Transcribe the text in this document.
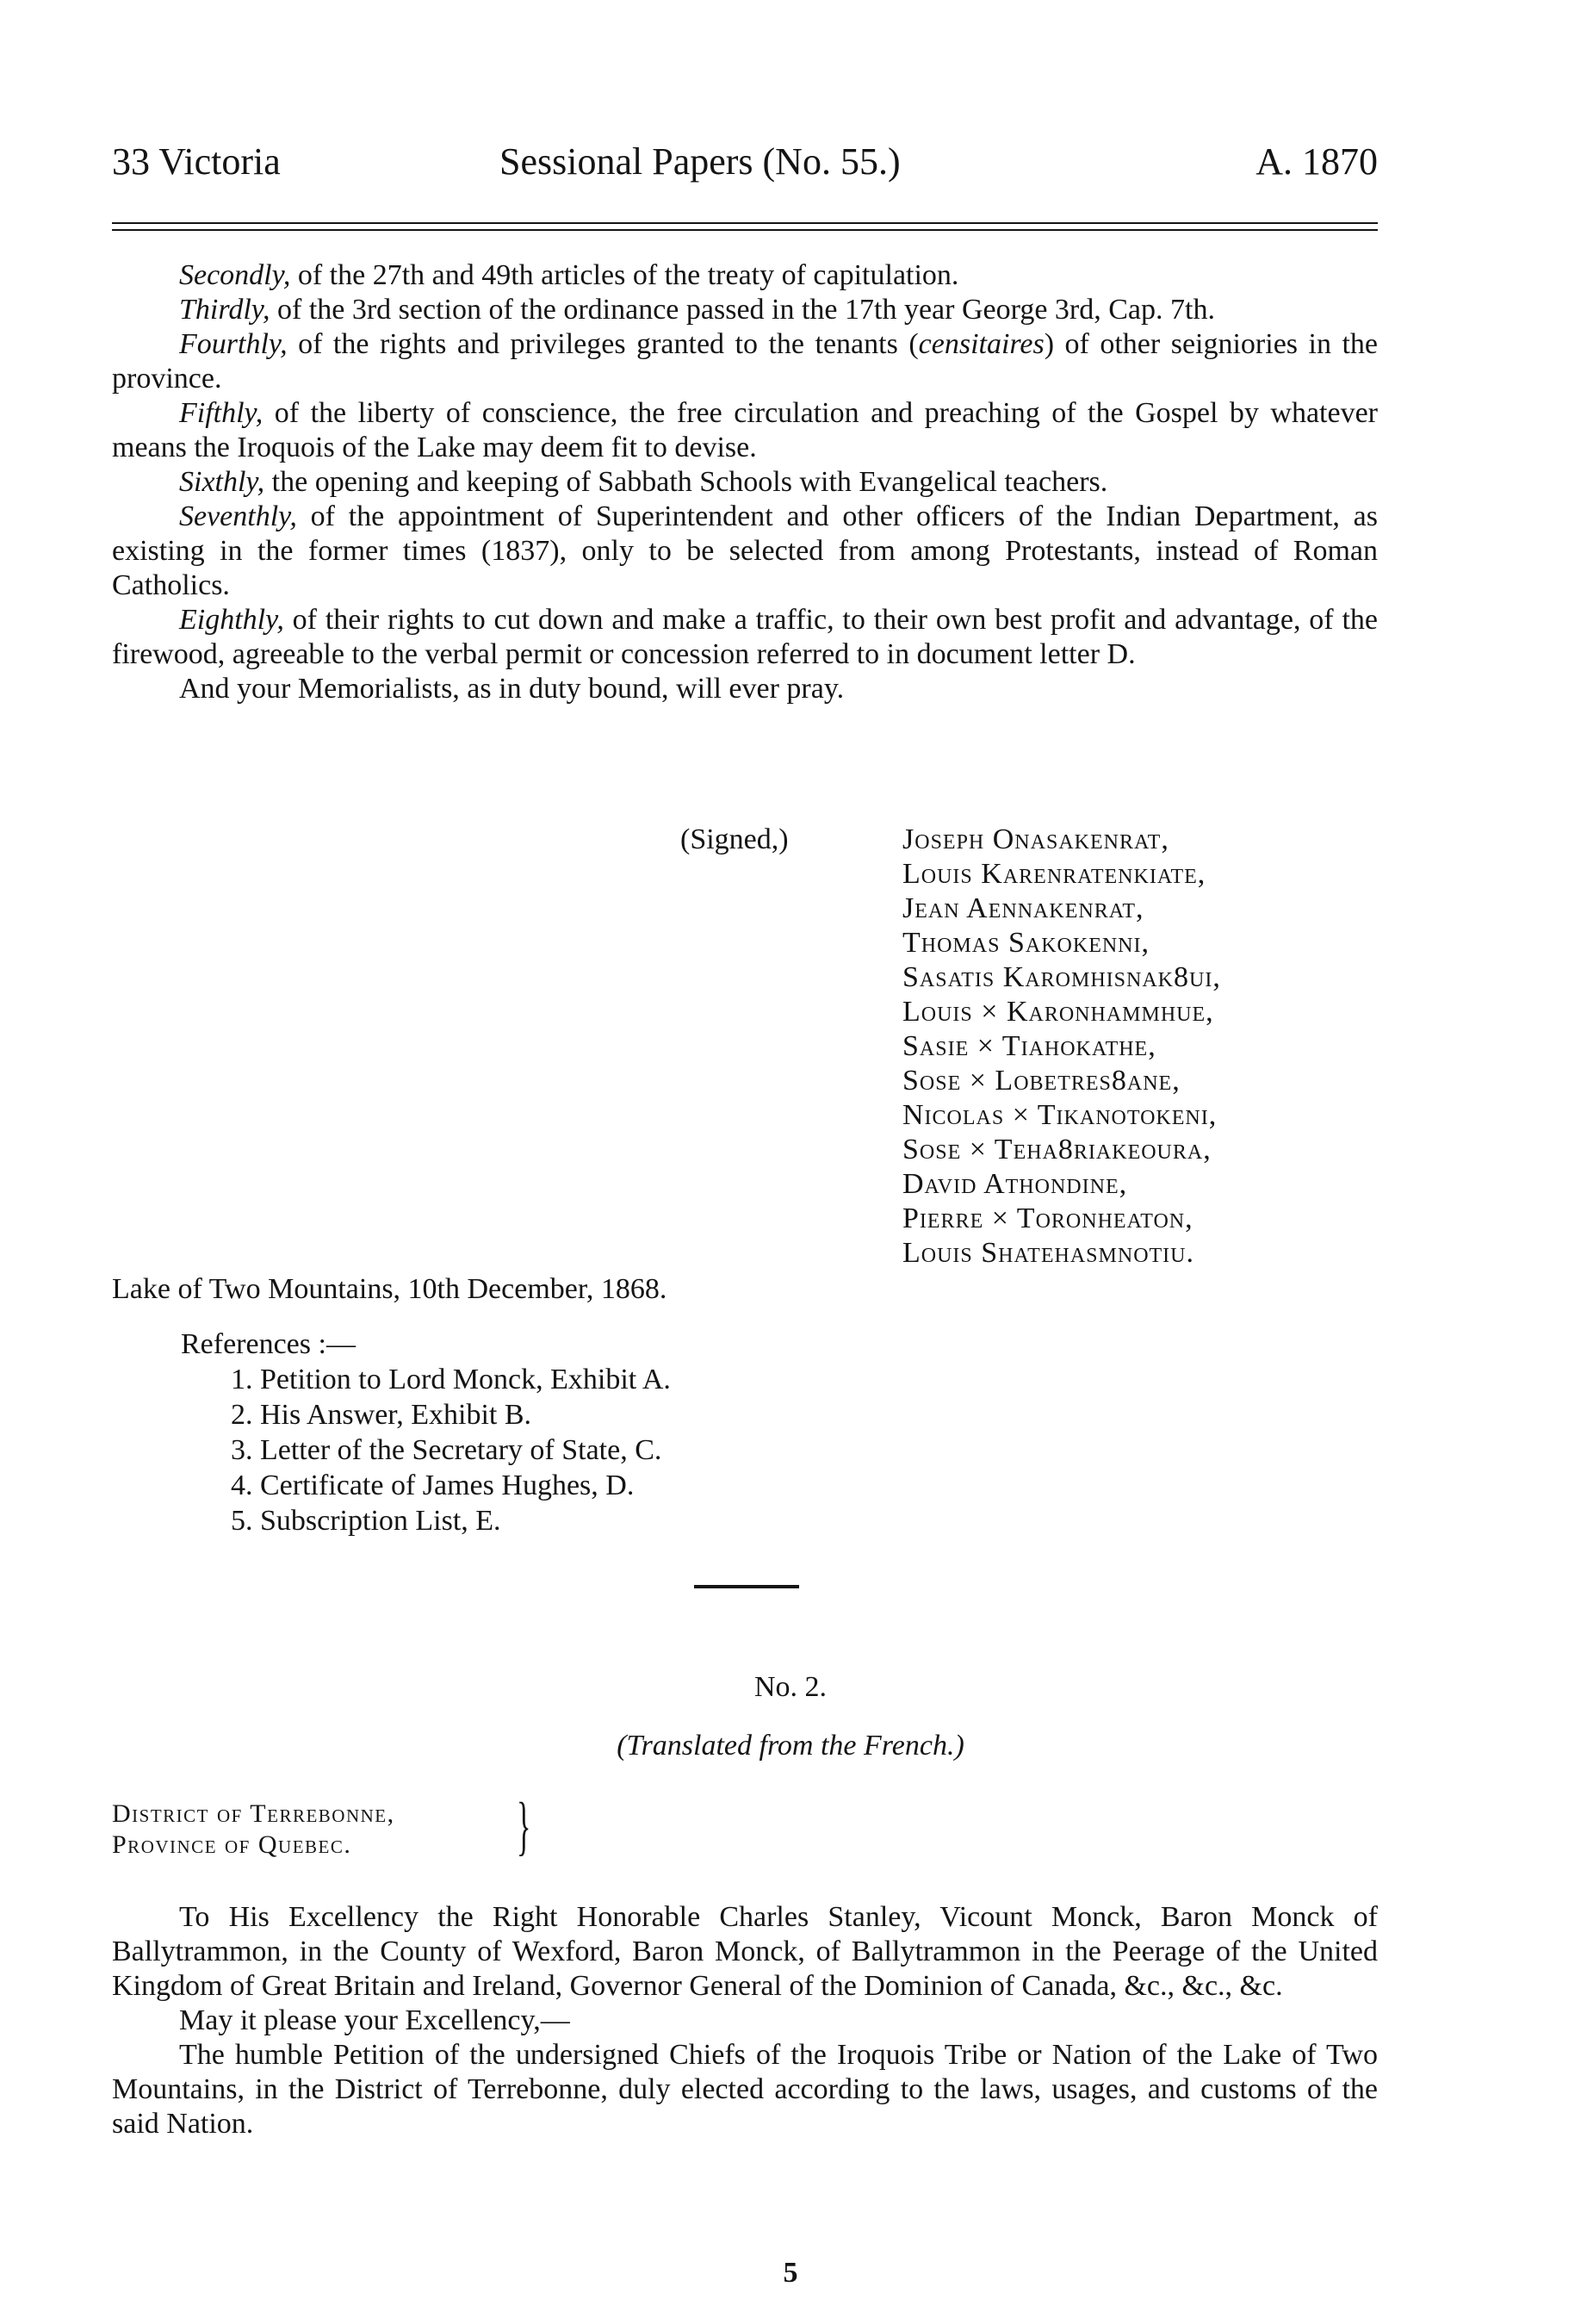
33 Victoria	Sessional Papers (No. 55.)	A. 1870

Secondly, of the 27th and 49th articles of the treaty of capitulation.

Thirdly, of the 3rd section of the ordinance passed in the 17th year George 3rd, Cap. 7th.

Fourthly, of the rights and privileges granted to the tenants (censitaires) of other seigniories in the province.

Fifthly, of the liberty of conscience, the free circulation and preaching of the Gospel by whatever means the Iroquois of the Lake may deem fit to devise.

Sixthly, the opening and keeping of Sabbath Schools with Evangelical teachers.

Seventhly, of the appointment of Superintendent and other officers of the Indian Department, as existing in the former times (1837), only to be selected from among Protestants, instead of Roman Catholics.

Eighthly, of their rights to cut down and make a traffic, to their own best profit and advantage, of the firewood, agreeable to the verbal permit or concession referred to in document letter D.

And your Memorialists, as in duty bound, will ever pray.

(Signed,)	Joseph Onasakenrat,
Louis Karenratenkiate,
Jean Aennakenrat,
Thomas Sakokenni,
Sasatis Karomhisnak8ui,
Louis × Karonhammhue,
Sasie × Tiahokathe,
Sose × Lobetres8ane,
Nicolas × Tikanotokeni,
Sose × Teha8riakeoura,
David Athondine,
Pierre × Toronheaton,
Louis Shatehasmnotiu.
Lake of Two Mountains, 10th December, 1868.
References :—
1. Petition to Lord Monck, Exhibit A.
2. His Answer, Exhibit B.
3. Letter of the Secretary of State, C.
4. Certificate of James Hughes, D.
5. Subscription List, E.
No. 2.
(Translated from the French.)
District of Terrebonne,
Province of Quebec.	}

To His Excellency the Right Honorable Charles Stanley, Vicount Monck, Baron Monck of Ballytrammon, in the County of Wexford, Baron Monck, of Ballytrammon in the Peerage of the United Kingdom of Great Britain and Ireland, Governor General of the Dominion of Canada, &c., &c., &c.

May it please your Excellency,—

The humble Petition of the undersigned Chiefs of the Iroquois Tribe or Nation of the Lake of Two Mountains, in the District of Terrebonne, duly elected according to the laws, usages, and customs of the said Nation.

5
